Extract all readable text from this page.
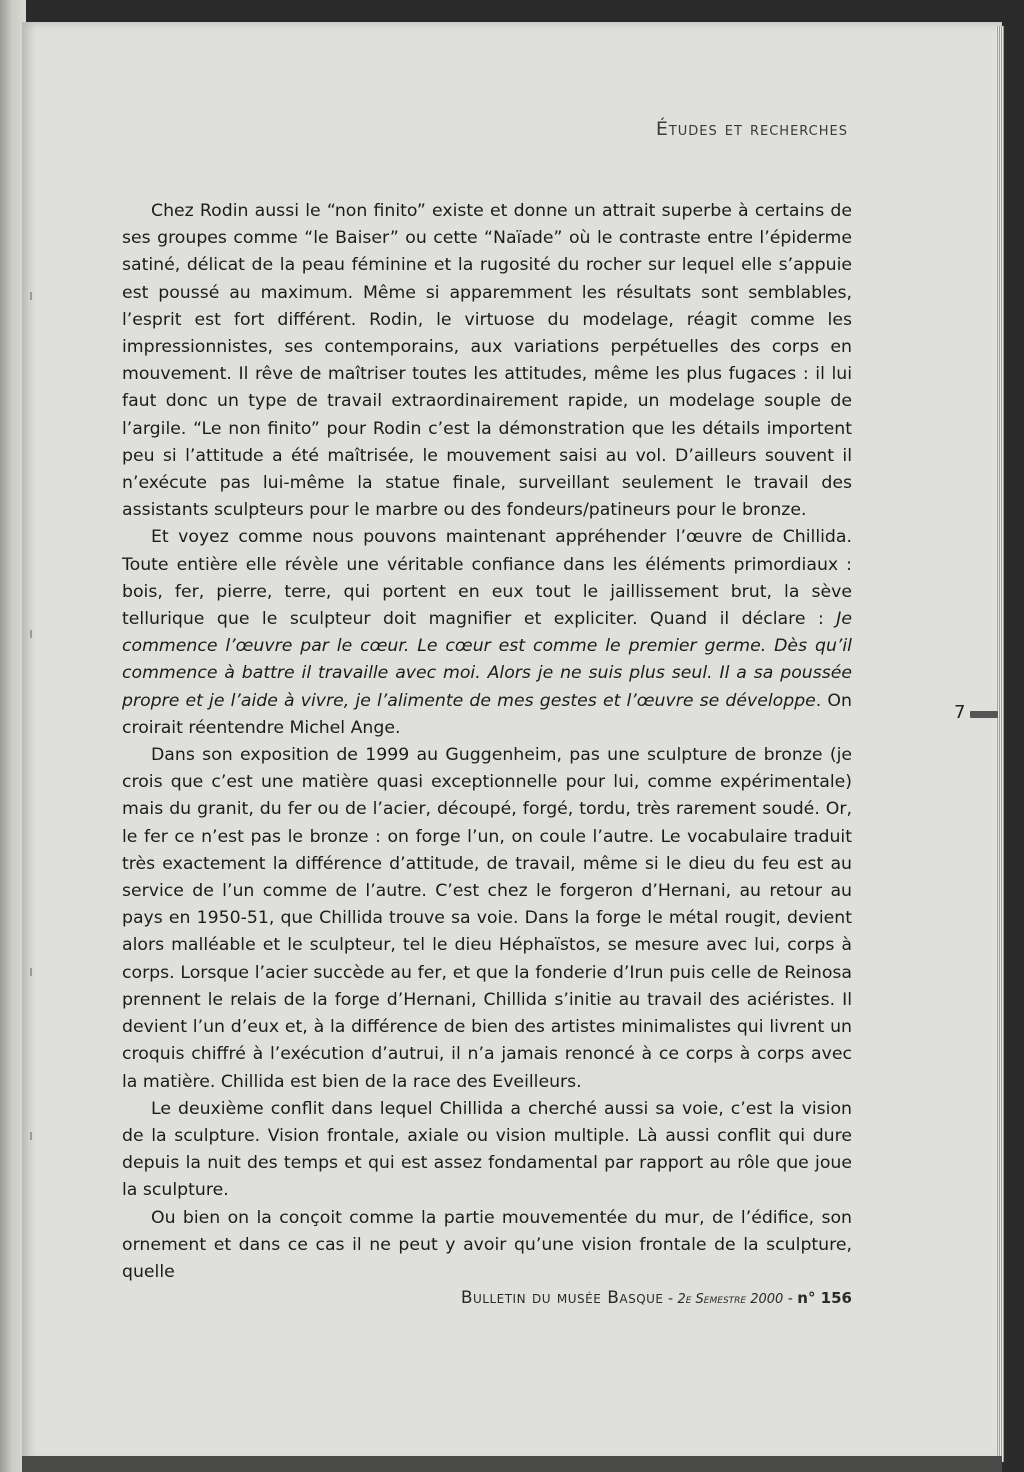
Études et recherches

Chez Rodin aussi le “non finito” existe et donne un attrait superbe à certains de ses groupes comme “le Baiser” ou cette “Naïade” où le contraste entre l’épiderme satiné, délicat de la peau féminine et la rugosité du rocher sur lequel elle s’appuie est poussé au maximum. Même si apparemment les résultats sont semblables, l’esprit est fort différent. Rodin, le virtuose du modelage, réagit comme les impressionnistes, ses contemporains, aux variations perpétuelles des corps en mouvement. Il rêve de maîtriser toutes les attitudes, même les plus fugaces : il lui faut donc un type de travail extraordinairement rapide, un modelage souple de l’argile. “Le non finito” pour Rodin c’est la démonstration que les détails importent peu si l’attitude a été maîtrisée, le mouvement saisi au vol. D’ailleurs souvent il n’exécute pas lui-même la statue finale, surveillant seulement le travail des assistants sculpteurs pour le marbre ou des fondeurs/patineurs pour le bronze.

Et voyez comme nous pouvons maintenant appréhender l’œuvre de Chillida. Toute entière elle révèle une véritable confiance dans les éléments primordiaux : bois, fer, pierre, terre, qui portent en eux tout le jaillissement brut, la sève tellurique que le sculpteur doit magnifier et expliciter. Quand il déclare : Je commence l’œuvre par le cœur. Le cœur est comme le premier germe. Dès qu’il commence à battre il travaille avec moi. Alors je ne suis plus seul. Il a sa poussée propre et je l’aide à vivre, je l’alimente de mes gestes et l’œuvre se développe. On croirait réentendre Michel Ange.

Dans son exposition de 1999 au Guggenheim, pas une sculpture de bronze (je crois que c’est une matière quasi exceptionnelle pour lui, comme expérimentale) mais du granit, du fer ou de l’acier, découpé, forgé, tordu, très rarement soudé. Or, le fer ce n’est pas le bronze : on forge l’un, on coule l’autre. Le vocabulaire traduit très exactement la différence d’attitude, de travail, même si le dieu du feu est au service de l’un comme de l’autre. C’est chez le forgeron d’Hernani, au retour au pays en 1950-51, que Chillida trouve sa voie. Dans la forge le métal rougit, devient alors malléable et le sculpteur, tel le dieu Héphaïstos, se mesure avec lui, corps à corps. Lorsque l’acier succède au fer, et que la fonderie d’Irun puis celle de Reinosa prennent le relais de la forge d’Hernani, Chillida s’initie au travail des aciéristes. Il devient l’un d’eux et, à la différence de bien des artistes minimalistes qui livrent un croquis chiffré à l’exécution d’autrui, il n’a jamais renoncé à ce corps à corps avec la matière. Chillida est bien de la race des Eveilleurs.

Le deuxième conflit dans lequel Chillida a cherché aussi sa voie, c’est la vision de la sculpture. Vision frontale, axiale ou vision multiple. Là aussi conflit qui dure depuis la nuit des temps et qui est assez fondamental par rapport au rôle que joue la sculpture.

Ou bien on la conçoit comme la partie mouvementée du mur, de l’édifice, son ornement et dans ce cas il ne peut y avoir qu’une vision frontale de la sculpture, quelle

7
Bulletin du musée Basque - 2e Semestre 2000 - n° 156
